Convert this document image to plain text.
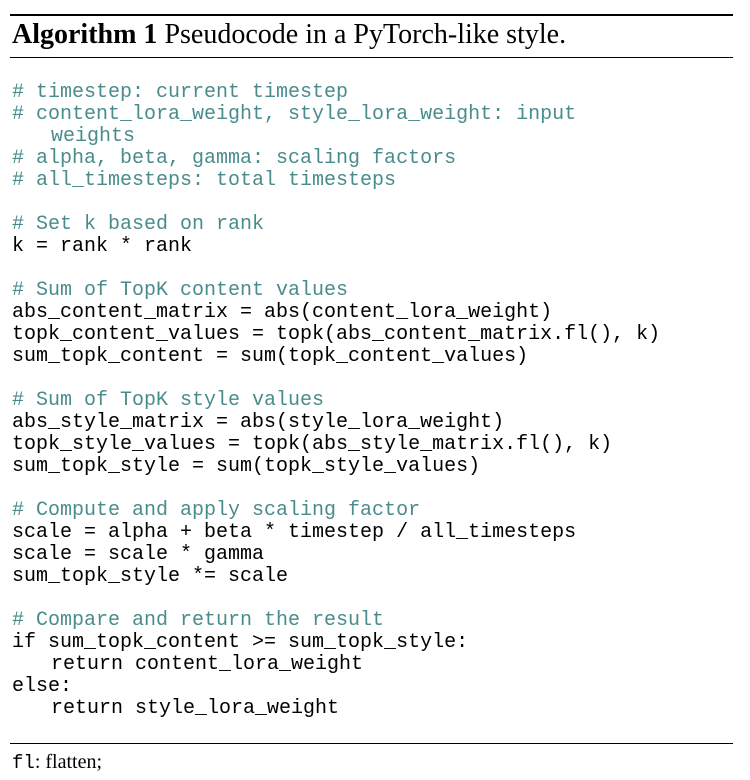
Algorithm 1 Pseudocode in a PyTorch-like style.
# timestep: current timestep
# content_lora_weight, style_lora_weight: input
weights
# alpha, beta, gamma: scaling factors
# all_timesteps: total timesteps
# Set k based on rank
k = rank * rank
# Sum of TopK content values
abs_content_matrix = abs(content_lora_weight)
topk_content_values = topk(abs_content_matrix.fl(), k)
sum_topk_content = sum(topk_content_values)
# Sum of TopK style values
abs_style_matrix = abs(style_lora_weight)
topk_style_values = topk(abs_style_matrix.fl(), k)
sum_topk_style = sum(topk_style_values)
# Compute and apply scaling factor
scale = alpha + beta * timestep / all_timesteps
scale = scale * gamma
sum_topk_style *= scale
# Compare and return the result
if sum_topk_content >= sum_topk_style:
return content_lora_weight
else:
return style_lora_weight
fl: flatten;
